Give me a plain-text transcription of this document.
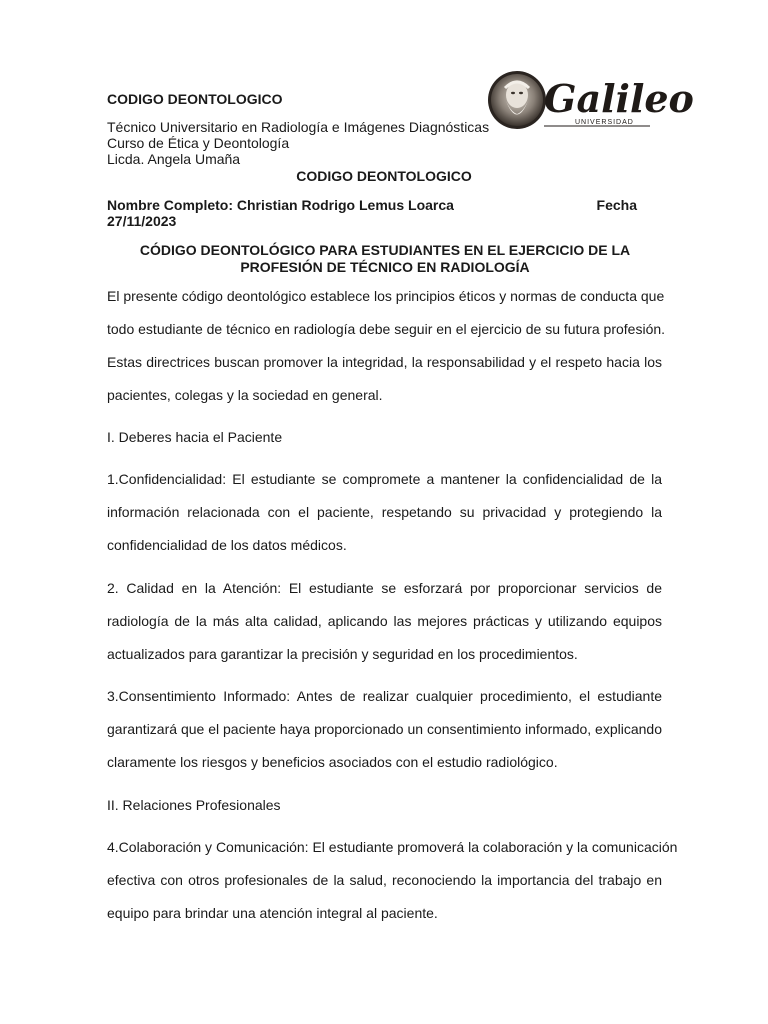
CODIGO DEONTOLOGICO
Técnico Universitario en Radiología e Imágenes Diagnósticas
Curso de Ética y Deontología
Licda. Angela Umaña
Galileo
UNIVERSIDAD
CODIGO DEONTOLOGICO
Nombre Completo: Christian Rodrigo Lemus Loarca	Fecha
27/11/2023
CÓDIGO DEONTOLÓGICO PARA ESTUDIANTES EN EL EJERCICIO DE LA
PROFESIÓN DE TÉCNICO EN RADIOLOGÍA
El presente código deontológico establece los principios éticos y normas de conducta que
todo estudiante de técnico en radiología debe seguir en el ejercicio de su futura profesión.
Estas directrices buscan promover la integridad, la responsabilidad y el respeto hacia los
pacientes, colegas y la sociedad en general.
I. Deberes hacia el Paciente
1.Confidencialidad: El estudiante se compromete a mantener la confidencialidad de la
información relacionada con el paciente, respetando su privacidad y protegiendo la
confidencialidad de los datos médicos.
2. Calidad en la Atención: El estudiante se esforzará por proporcionar servicios de
radiología de la más alta calidad, aplicando las mejores prácticas y utilizando equipos
actualizados para garantizar la precisión y seguridad en los procedimientos.
3.Consentimiento Informado: Antes de realizar cualquier procedimiento, el estudiante
garantizará que el paciente haya proporcionado un consentimiento informado, explicando
claramente los riesgos y beneficios asociados con el estudio radiológico.
II. Relaciones Profesionales
4.Colaboración y Comunicación: El estudiante promoverá la colaboración y la comunicación
efectiva con otros profesionales de la salud, reconociendo la importancia del trabajo en
equipo para brindar una atención integral al paciente.
